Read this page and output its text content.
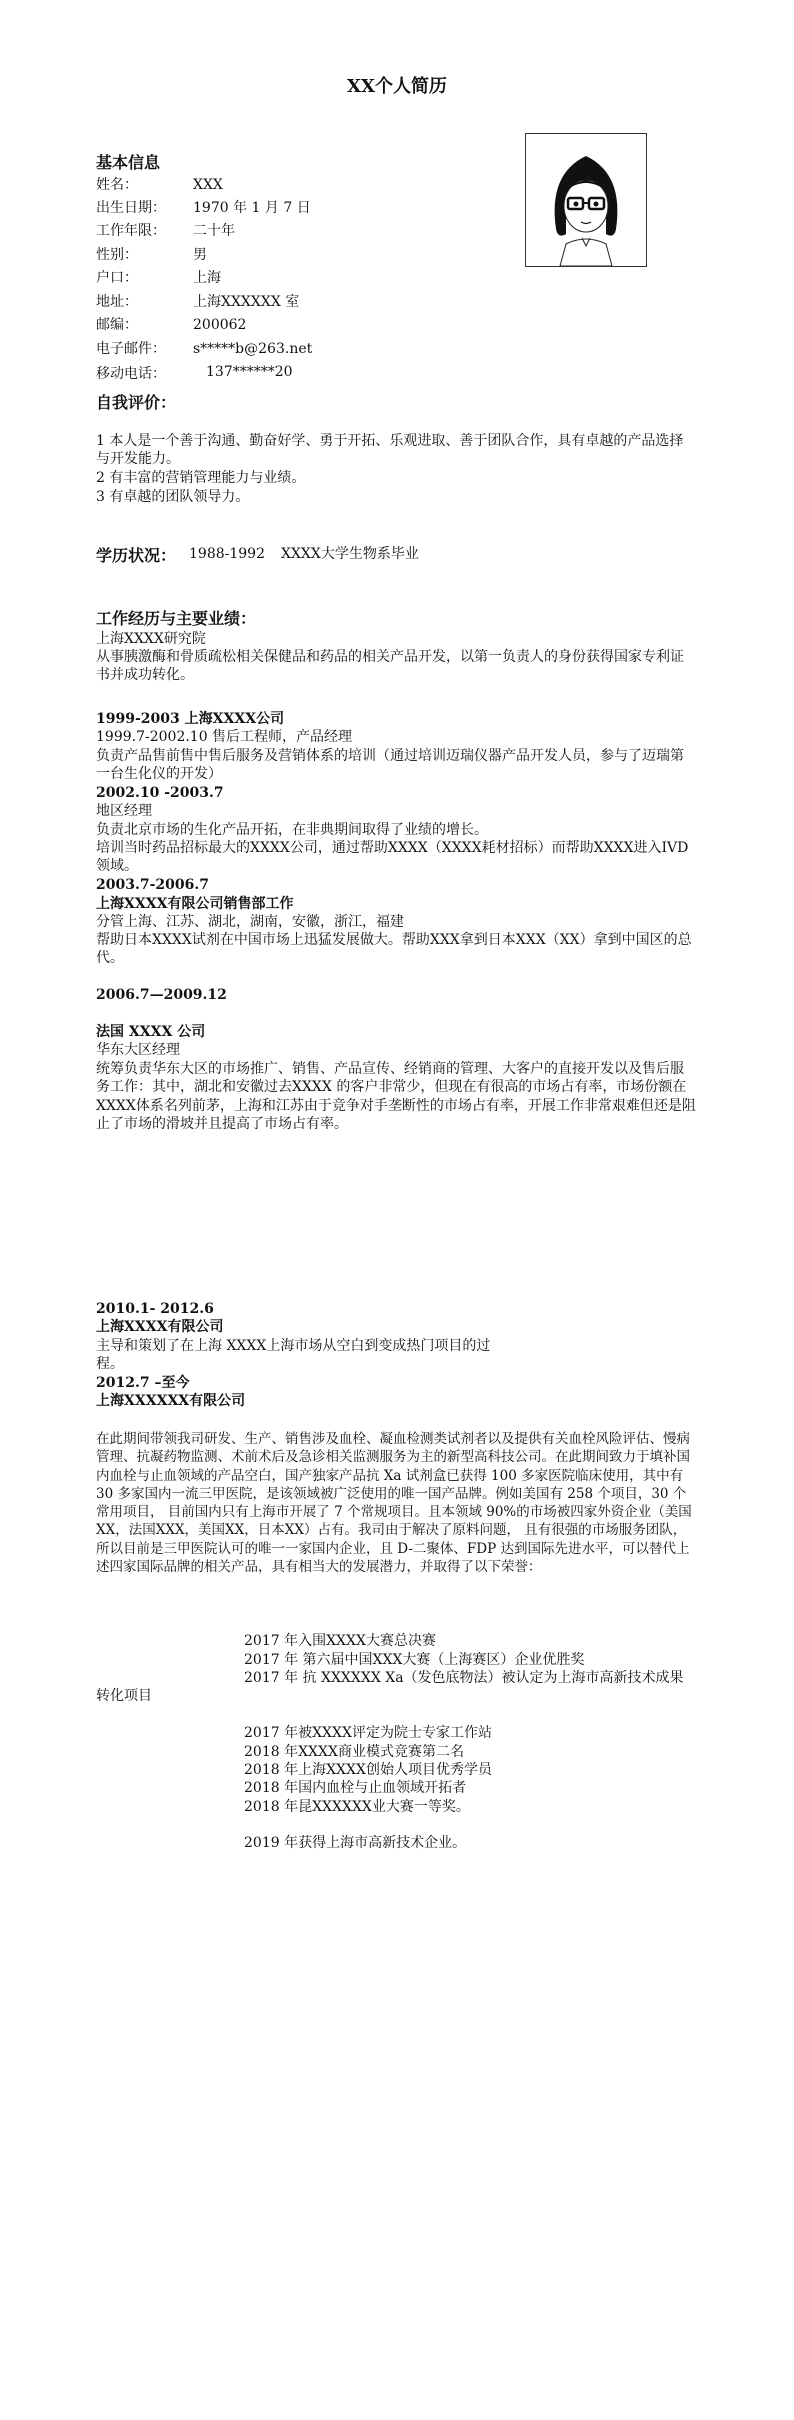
XX个人简历
基本信息
姓名：	XXX
出生日期： 1970 年 1 月 7 日
工作年限： 二十年
性别：	男
户口：	上海
地址：	上海XXXXXX 室
邮编：	200062
电子邮件： s*****b@263.net
移动电话：	137******20
自我评价：
1 本人是一个善于沟通、勤奋好学、勇于开拓、乐观进取、善于团队合作，具有卓越的产品选择与开发能力。
2 有丰富的营销管理能力与业绩。
3 有卓越的团队领导力。
学历状况： 1988-1992 XXXX大学生物系毕业
工作经历与主要业绩：
上海XXXX研究院
从事胰激酶和骨质疏松相关保健品和药品的相关产品开发，以第一负责人的身份获得国家专利证书并成功转化。
1999-2003 上海XXXX公司
1999.7-2002.10 售后工程师，产品经理
负责产品售前售中售后服务及营销体系的培训（通过培训迈瑞仪器产品开发人员，参与了迈瑞第一台生化仪的开发）
2002.10 -2003.7
地区经理
负责北京市场的生化产品开拓，在非典期间取得了业绩的增长。
培训当时药品招标最大的XXXX公司，通过帮助XXXX（XXXX耗材招标）而帮助XXXX进入IVD 领域。
2003.7-2006.7
上海XXXX有限公司销售部工作
分管上海、江苏、湖北，湖南，安徽，浙江，福建
帮助日本XXXX试剂在中国市场上迅猛发展做大。帮助XXX拿到日本XXX（XX）拿到中国区的总代。
2006.7—2009.12
法国 XXXX 公司
华东大区经理
统筹负责华东大区的市场推广、销售、产品宣传、经销商的管理、大客户的直接开发以及售后服务工作：其中，湖北和安徽过去XXXX 的客户非常少，但现在有很高的市场占有率，市场份额在XXXX体系名列前茅，上海和江苏由于竞争对手垄断性的市场占有率，开展工作非常艰难但还是阻止了市场的滑坡并且提高了市场占有率。
2010.1- 2012.6
上海XXXX有限公司
主导和策划了在上海 XXXX上海市场从空白到变成热门项目的过程。
2012.7 –至今
上海XXXXXX有限公司
在此期间带领我司研发、生产、销售涉及血栓、凝血检测类试剂者以及提供有关血栓风险评估、慢病管理、抗凝药物监测、术前术后及急诊相关监测服务为主的新型高科技公司。在此期间致力于填补国内血栓与止血领域的产品空白，国产独家产品抗 Xa 试剂盒已获得 100 多家医院临床使用，其中有 30 多家国内一流三甲医院，是该领域被广泛使用的唯一国产品牌。例如美国有 258 个项目，30 个常用项目， 目前国内只有上海市开展了 7 个常规项目。且本领域 90%的市场被四家外资企业（美国XX，法国XXX，美国XX，日本XX）占有。我司由于解决了原料问题， 且有很强的市场服务团队，所以目前是三甲医院认可的唯一一家国内企业，且 D-二聚体、FDP 达到国际先进水平，可以替代上述四家国际品牌的相关产品，具有相当大的发展潜力，并取得了以下荣誉：
2017 年入围XXXX大赛总决赛
2017 年 第六届中国XXX大赛（上海赛区）企业优胜奖
2017 年 抗 XXXXXX Xa（发色底物法）被认定为上海市高新技术成果转化项目
2017 年被XXXX评定为院士专家工作站
2018 年XXXX商业模式竞赛第二名
2018 年上海XXXX创始人项目优秀学员
2018 年国内血栓与止血领域开拓者
2018 年昆XXXXXX业大赛一等奖。
2019 年获得上海市高新技术企业。
